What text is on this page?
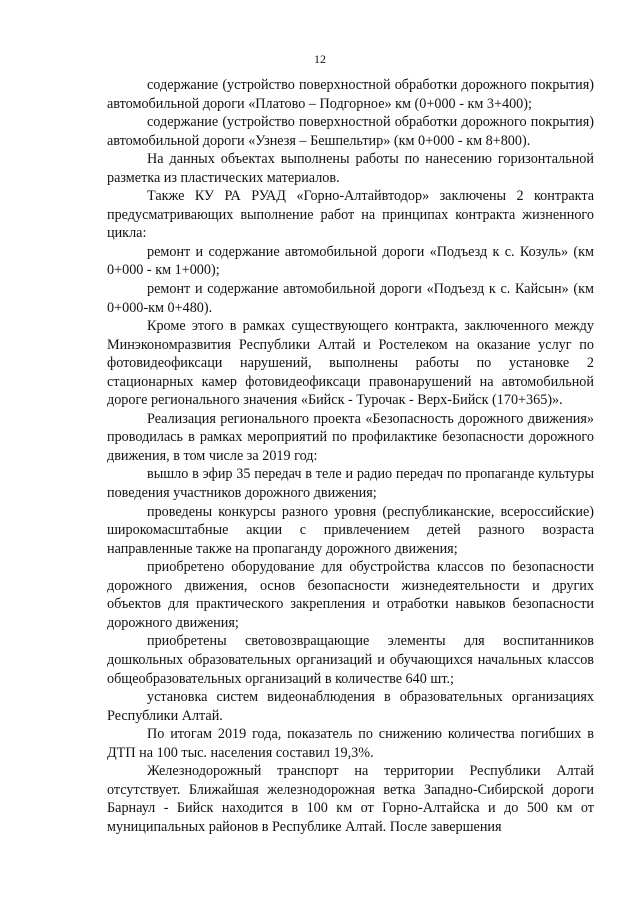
12

содержание (устройство поверхностной обработки дорожного покрытия) автомобильной дороги «Платово – Подгорное» км (0+000 - км 3+400);

содержание (устройство поверхностной обработки дорожного покрытия) автомобильной дороги «Узнезя – Бешпельтир» (км 0+000 - км 8+800).

На данных объектах выполнены работы по нанесению горизонтальной разметка из пластических материалов.

Также КУ РА РУАД «Горно-Алтайвтодор» заключены 2 контракта предусматривающих выполнение работ на принципах контракта жизненного цикла:

ремонт и содержание автомобильной дороги «Подъезд к с. Козуль» (км 0+000 - км 1+000);

ремонт и содержание автомобильной дороги «Подъезд к с. Кайсын» (км 0+000-км 0+480).

Кроме этого в рамках существующего контракта, заключенного между Минэкономразвития Республики Алтай и Ростелеком на оказание услуг по фотовидеофиксаци нарушений, выполнены работы по установке 2 стационарных камер фотовидеофиксаци правонарушений на автомобильной дороге регионального значения «Бийск - Турочак - Верх-Бийск (170+365)».

Реализация регионального проекта «Безопасность дорожного движения» проводилась в рамках мероприятий по профилактике безопасности дорожного движения, в том числе за 2019 год:

вышло в эфир 35 передач в теле и радио передач по пропаганде культуры поведения участников дорожного движения;

проведены конкурсы разного уровня (республиканские, всероссийские) широкомасштабные акции с привлечением детей разного возраста направленные также на пропаганду дорожного движения;

приобретено оборудование для обустройства классов по безопасности дорожного движения, основ безопасности жизнедеятельности и других объектов для практического закрепления и отработки навыков безопасности дорожного движения;

приобретены световозвращающие элементы для воспитанников дошкольных образовательных организаций и обучающихся начальных классов общеобразовательных организаций в количестве 640 шт.;

установка систем видеонаблюдения в образовательных организациях Республики Алтай.

По итогам 2019 года, показатель по снижению количества погибших в ДТП на 100 тыс. населения составил 19,3%.

Железнодорожный транспорт на территории Республики Алтай отсутствует. Ближайшая железнодорожная ветка Западно-Сибирской дороги Барнаул - Бийск находится в 100 км от Горно-Алтайска и до 500 км от муниципальных районов в Республике Алтай. После завершения
